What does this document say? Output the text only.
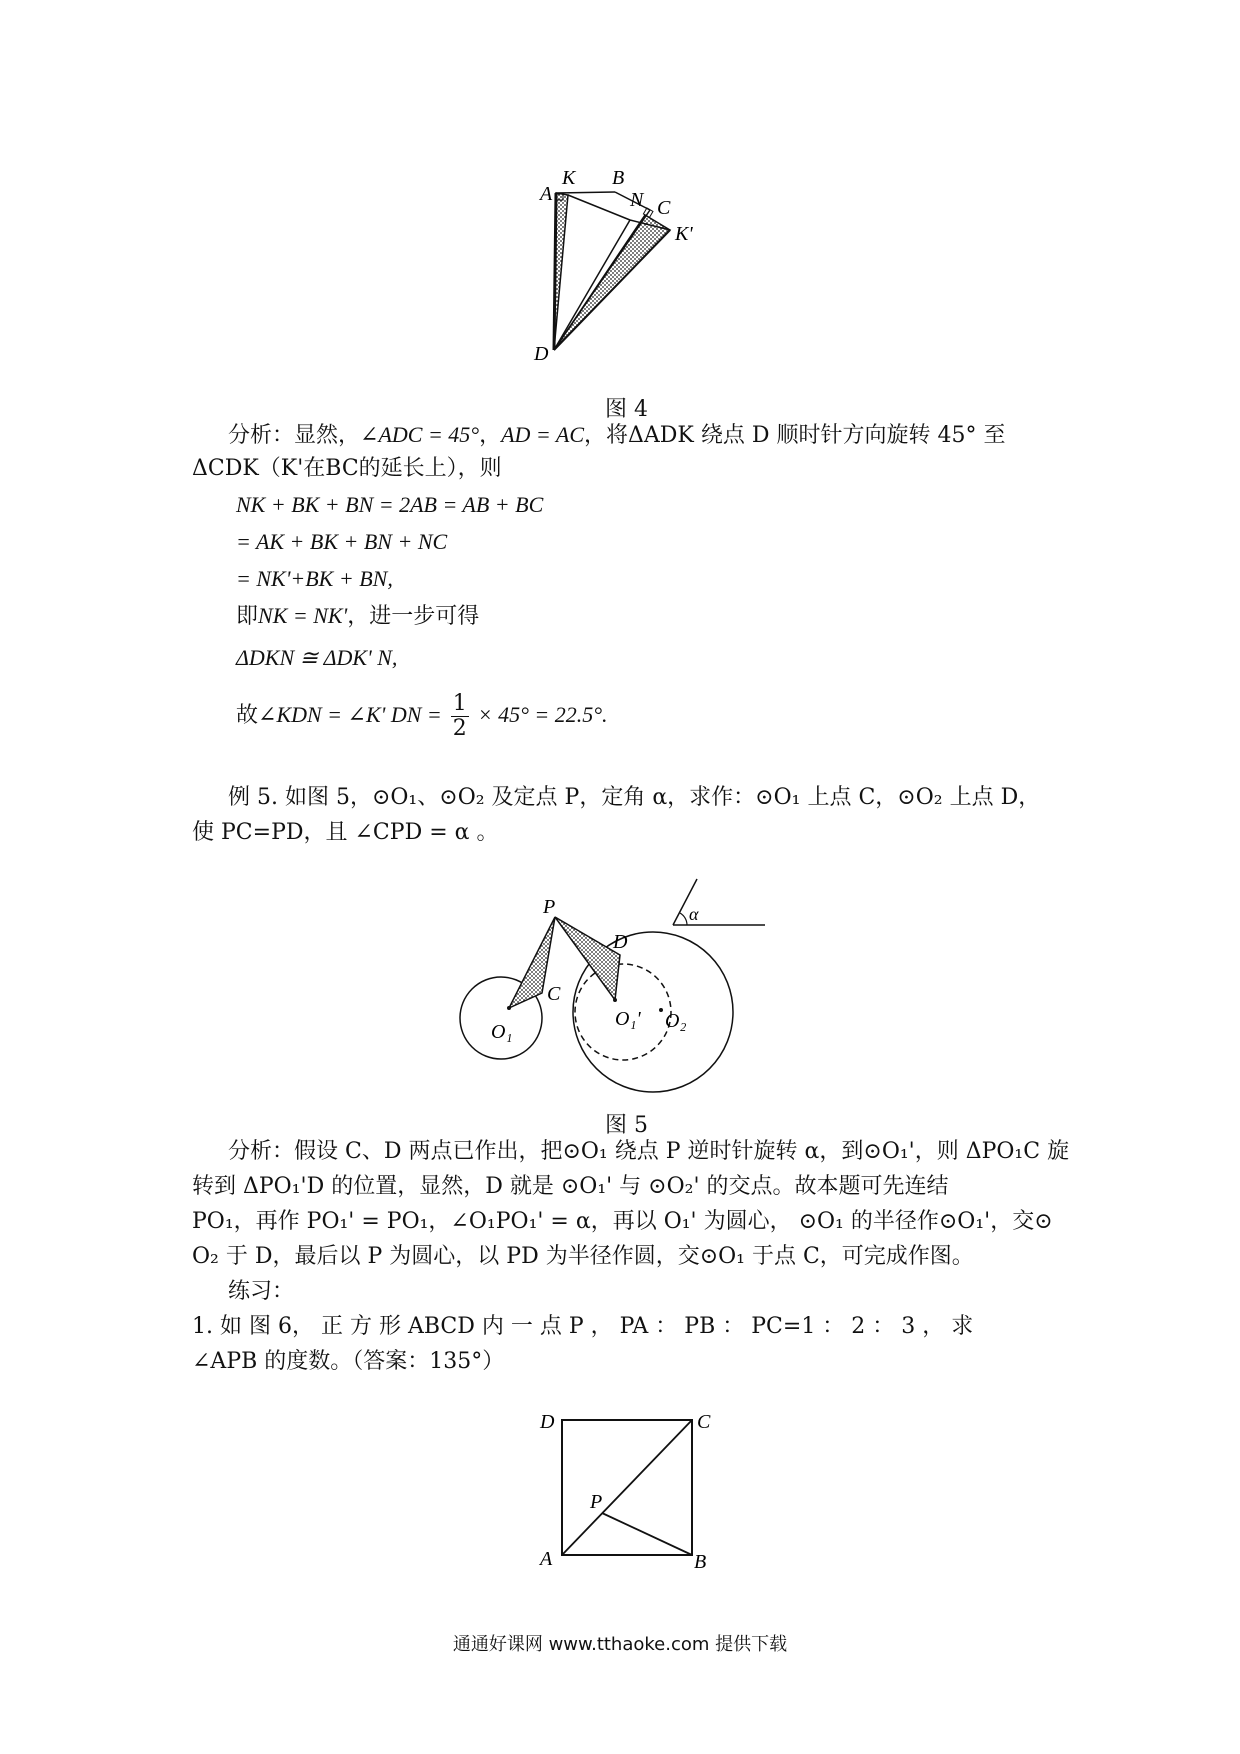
A
K B
N C
K'
D
图 4
分析：显然，∠ADC = 45°，AD = AC，将ΔADK 绕点 D 顺时针方向旋转 45° 至
ΔCDK（K'在BC的延长上），则
NK + BK + BN = 2AB = AB + BC
= AK + BK + BN + NC
= NK'+BK + BN,
即NK = NK'，进一步可得
ΔDKN ≅ ΔDK' N,
故∠KDN = ∠K' DN = $\frac{1}{2} \times 45^\circ = 22.5^\circ$.
例 5. 如图 5，⊙O₁、⊙O₂ 及定点 P，定角 α，求作：⊙O₁ 上点 C，⊙O₂ 上点 D，
使 PC=PD，且 ∠CPD = α 。
α
P
D
C
O₁
O₁' O₂
图 5
分析：假设 C、D 两点已作出，把⊙O₁ 绕点 P 逆时针旋转 α，到⊙O₁'，则 ΔPO₁C 旋
转到 ΔPO₁'D 的位置，显然，D 就是 ⊙O₁' 与 ⊙O₂' 的交点。故本题可先连结
PO₁，再作 PO₁' = PO₁，∠O₁PO₁' = α，再以 O₁' 为圆心， ⊙O₁ 的半径作⊙O₁'，交⊙
O₂ 于 D，最后以 P 为圆心，以 PD 为半径作圆，交⊙O₁ 于点 C，可完成作图。
练习：
1. 如 图 6， 正 方 形 ABCD 内 一 点 P ， PA ： PB ： PC=1 ： 2 ： 3 ， 求
∠APB 的度数。（答案：135°）
D	C
P
A	B
通通好课网 www.tthaoke.com 提供下载
